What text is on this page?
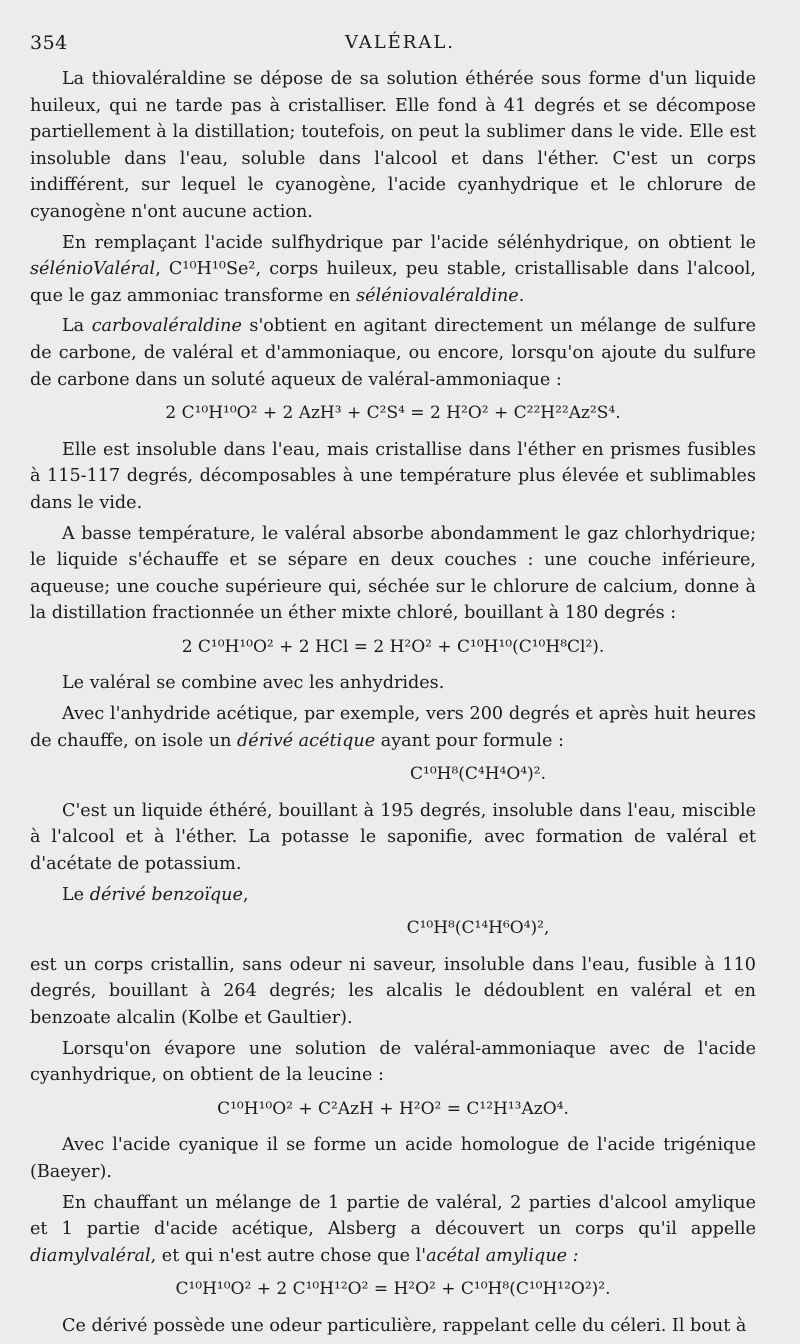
354	VALÉRAL.

La thiovaléraldine se dépose de sa solution éthérée sous forme d'un liquide huileux, qui ne tarde pas à cristalliser. Elle fond à 41 degrés et se décompose partiellement à la distillation; toutefois, on peut la sublimer dans le vide. Elle est insoluble dans l'eau, soluble dans l'alcool et dans l'éther. C'est un corps indifférent, sur lequel le cyanogène, l'acide cyanhydrique et le chlorure de cyanogène n'ont aucune action.

En remplaçant l'acide sulfhydrique par l'acide sélénhydrique, on obtient le sélénioValéral, C¹⁰H¹⁰Se², corps huileux, peu stable, cristallisable dans l'alcool, que le gaz ammoniac transforme en séléniovaléraldine.

La carbovaléraldine s'obtient en agitant directement un mélange de sulfure de carbone, de valéral et d'ammoniaque, ou encore, lorsqu'on ajoute du sulfure de carbone dans un soluté aqueux de valéral-ammoniaque :

2 C¹⁰H¹⁰O² + 2 AzH³ + C²S⁴ = 2 H²O² + C²²H²²Az²S⁴.

Elle est insoluble dans l'eau, mais cristallise dans l'éther en prismes fusibles à 115-117 degrés, décomposables à une température plus élevée et sublimables dans le vide.

A basse température, le valéral absorbe abondamment le gaz chlorhydrique; le liquide s'échauffe et se sépare en deux couches : une couche inférieure, aqueuse; une couche supérieure qui, séchée sur le chlorure de calcium, donne à la distillation fractionnée un éther mixte chloré, bouillant à 180 degrés :

2 C¹⁰H¹⁰O² + 2 HCl = 2 H²O² + C¹⁰H¹⁰(C¹⁰H⁸Cl²).

Le valéral se combine avec les anhydrides.

Avec l'anhydride acétique, par exemple, vers 200 degrés et après huit heures de chauffe, on isole un dérivé acétique ayant pour formule :

C¹⁰H⁸(C⁴H⁴O⁴)².

C'est un liquide éthéré, bouillant à 195 degrés, insoluble dans l'eau, miscible à l'alcool et à l'éther. La potasse le saponifie, avec formation de valéral et d'acétate de potassium.

Le dérivé benzoïque,

C¹⁰H⁸(C¹⁴H⁶O⁴)²,

est un corps cristallin, sans odeur ni saveur, insoluble dans l'eau, fusible à 110 degrés, bouillant à 264 degrés; les alcalis le dédoublent en valéral et en benzoate alcalin (Kolbe et Gaultier).

Lorsqu'on évapore une solution de valéral-ammoniaque avec de l'acide cyanhydrique, on obtient de la leucine :

C¹⁰H¹⁰O² + C²AzH + H²O² = C¹²H¹³AzO⁴.

Avec l'acide cyanique il se forme un acide homologue de l'acide trigénique (Baeyer).

En chauffant un mélange de 1 partie de valéral, 2 parties d'alcool amylique et 1 partie d'acide acétique, Alsberg a découvert un corps qu'il appelle diamylvaléral, et qui n'est autre chose que l'acétal amylique :

C¹⁰H¹⁰O² + 2 C¹⁰H¹²O² = H²O² + C¹⁰H⁸(C¹⁰H¹²O²)².

Ce dérivé possède une odeur particulière, rappelant celle du céleri. Il bout à
